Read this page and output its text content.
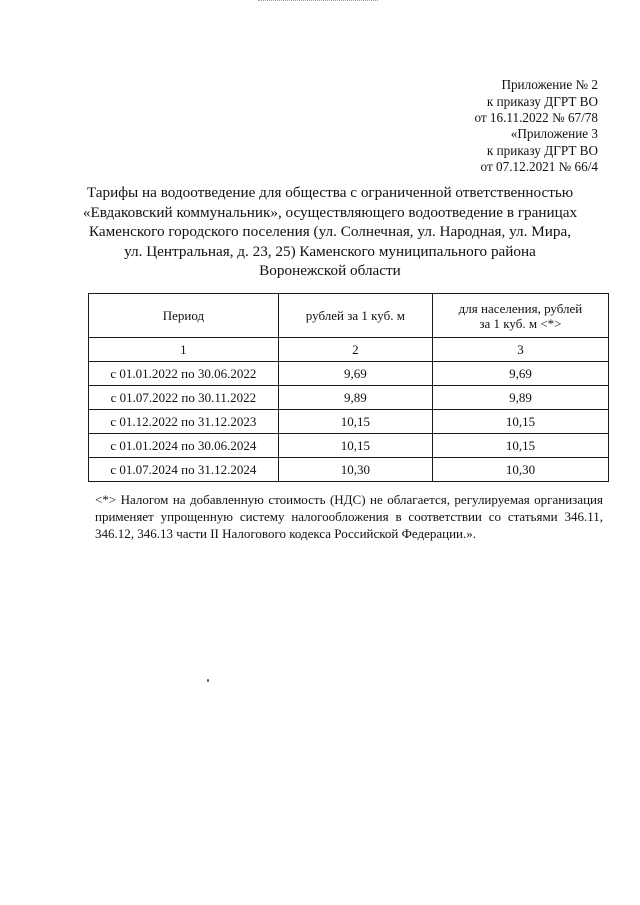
Приложение № 2
к приказу ДГРТ ВО
от 16.11.2022 № 67/78
«Приложение 3
к приказу ДГРТ ВО
от 07.12.2021 № 66/4
Тарифы на водоотведение для общества с ограниченной ответственностью
«Евдаковский коммунальник», осуществляющего водоотведение в границах
Каменского городского поселения (ул. Солнечная, ул. Народная, ул. Мира,
ул. Центральная, д. 23, 25) Каменского муниципального района
Воронежской области
Период	рублей за 1 куб. м	для населения, рублей
за 1 куб. м <*>
1	2	3
с 01.01.2022 по 30.06.2022	9,69	9,69
с 01.07.2022 по 30.11.2022	9,89	9,89
с 01.12.2022 по 31.12.2023	10,15	10,15
с 01.01.2024 по 30.06.2024	10,15	10,15
с 01.07.2024 по 31.12.2024	10,30	10,30
<*> Налогом на добавленную стоимость (НДС) не облагается, регулируемая организация применяет упрощенную систему налогообложения в соответствии со статьями 346.11, 346.12, 346.13 части II Налогового кодекса Российской Федерации.».
